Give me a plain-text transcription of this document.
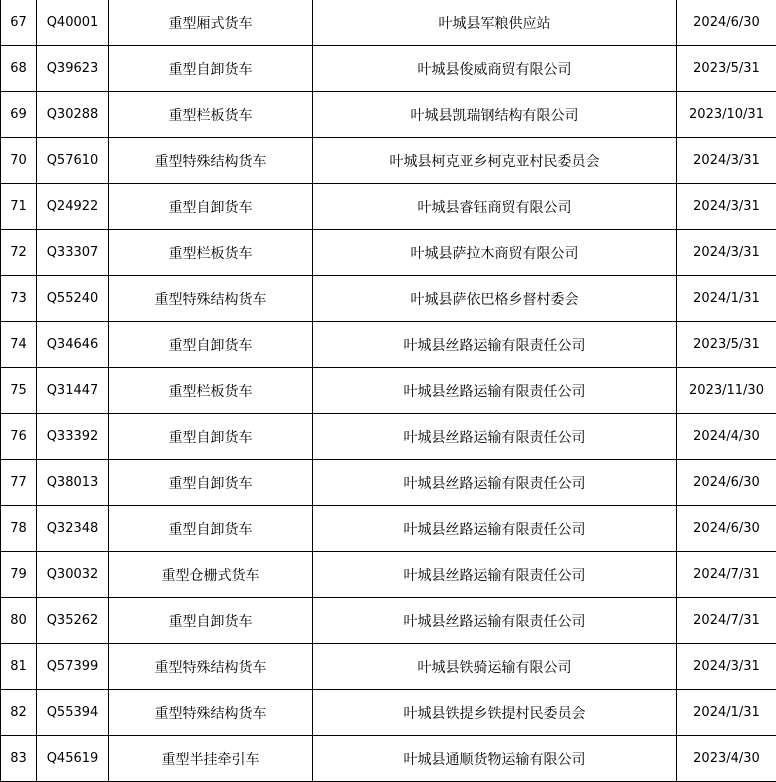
67	Q40001	重型厢式货车	叶城县军粮供应站	2024/6/30
68	Q39623	重型自卸货车	叶城县俊威商贸有限公司	2023/5/31
69	Q30288	重型栏板货车	叶城县凯瑞钢结构有限公司	2023/10/31
70	Q57610	重型特殊结构货车	叶城县柯克亚乡柯克亚村民委员会	2024/3/31
71	Q24922	重型自卸货车	叶城县睿钰商贸有限公司	2024/3/31
72	Q33307	重型栏板货车	叶城县萨拉木商贸有限公司	2024/3/31
73	Q55240	重型特殊结构货车	叶城县萨依巴格乡督村委会	2024/1/31
74	Q34646	重型自卸货车	叶城县丝路运输有限责任公司	2023/5/31
75	Q31447	重型栏板货车	叶城县丝路运输有限责任公司	2023/11/30
76	Q33392	重型自卸货车	叶城县丝路运输有限责任公司	2024/4/30
77	Q38013	重型自卸货车	叶城县丝路运输有限责任公司	2024/6/30
78	Q32348	重型自卸货车	叶城县丝路运输有限责任公司	2024/6/30
79	Q30032	重型仓栅式货车	叶城县丝路运输有限责任公司	2024/7/31
80	Q35262	重型自卸货车	叶城县丝路运输有限责任公司	2024/7/31
81	Q57399	重型特殊结构货车	叶城县铁骑运输有限公司	2024/3/31
82	Q55394	重型特殊结构货车	叶城县铁提乡铁提村民委员会	2024/1/31
83	Q45619	重型半挂牵引车	叶城县通顺货物运输有限公司	2023/4/30
